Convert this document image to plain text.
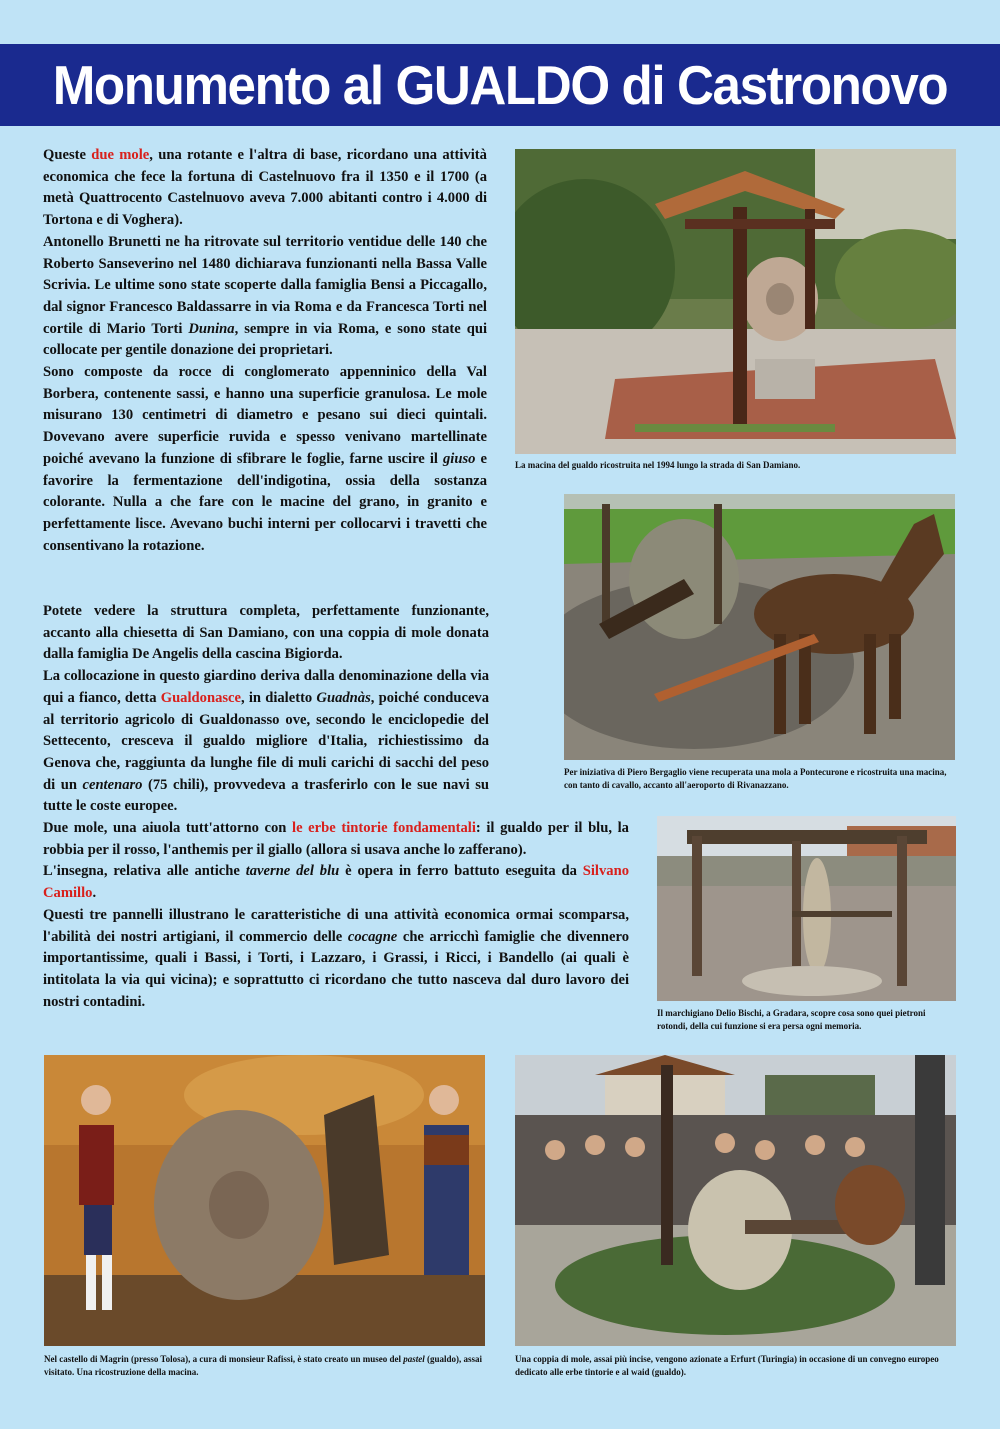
Monumento al GUALDO di Castronovo

Queste due mole, una rotante e l'altra di base, ricordano una attività economica che fece la fortuna di Castelnuovo fra il 1350 e il 1700 (a metà Quattrocento Castelnuovo aveva 7.000 abitanti contro i 4.000 di Tortona e di Voghera).

Antonello Brunetti ne ha ritrovate sul territorio ventidue delle 140 che Roberto Sanseverino nel 1480 dichiarava funzionanti nella Bassa Valle Scrivia. Le ultime sono state scoperte dalla famiglia Bensi a Piccagallo, dal signor Francesco Baldassarre in via Roma e da Francesca Torti nel cortile di Mario Torti Dunina, sempre in via Roma, e sono state qui collocate per gentile donazione dei proprietari.

Sono composte da rocce di conglomerato appenninico della Val Borbera, contenente sassi, e hanno una superficie granulosa. Le mole misurano 130 centimetri di diametro e pesano sui dieci quintali. Dovevano avere superficie ruvida e spesso venivano martellinate poiché avevano la funzione di sfibrare le foglie, farne uscire il giuso e favorire la fermentazione dell'indigotina, ossia della sostanza colorante. Nulla a che fare con le macine del grano, in granito e perfettamente lisce. Avevano buchi interni per collocarvi i travetti che consentivano la rotazione.

Potete vedere la struttura completa, perfettamente funzionante, accanto alla chiesetta di San Damiano, con una coppia di mole donata dalla famiglia De Angelis della cascina Bigiorda.

La collocazione in questo giardino deriva dalla denominazione della via qui a fianco, detta Gualdonasce, in dialetto Guadnàs, poiché conduceva al territorio agricolo di Gualdonasso ove, secondo le enciclopedie del Settecento, cresceva il gualdo migliore d'Italia, richiestissimo da Genova che, raggiunta da lunghe file di muli carichi di sacchi del peso di un centenaro (75 chili), provvedeva a trasferirlo con le sue navi su tutte le coste europee.

Due mole, una aiuola tutt'attorno con le erbe tintorie fondamentali: il gualdo per il blu, la robbia per il rosso, l'anthemis per il giallo (allora si usava anche lo zafferano).

L'insegna, relativa alle antiche taverne del blu è opera in ferro battuto eseguita da Silvano Camillo.

Questi tre pannelli illustrano le caratteristiche di una attività economica ormai scomparsa, l'abilità dei nostri artigiani, il commercio delle cocagne che arricchì famiglie che divennero importantissime, quali i Bassi, i Torti, i Lazzaro, i Grassi, i Ricci, i Bandello (ai quali è intitolata la via qui vicina); e soprattutto ci ricordano che tutto nasceva dal duro lavoro dei nostri contadini.

La macina del gualdo ricostruita nel 1994 lungo la strada di San Damiano.
Per iniziativa di Piero Bergaglio viene recuperata una mola a Pontecurone e ricostruita una macina, con tanto di cavallo, accanto all'aeroporto di Rivanazzano.
Il marchigiano Delio Bischi, a Gradara, scopre cosa sono quei pietroni rotondi, della cui funzione si era persa ogni memoria.
Nel castello di Magrin (presso Tolosa), a cura di monsieur Rafissi, è stato creato un museo del pastel (gualdo), assai visitato. Una ricostruzione della macina.
Una coppia di mole, assai più incise, vengono azionate a Erfurt (Turingia) in occasione di un convegno europeo dedicato alle erbe tintorie e al waid (gualdo).
